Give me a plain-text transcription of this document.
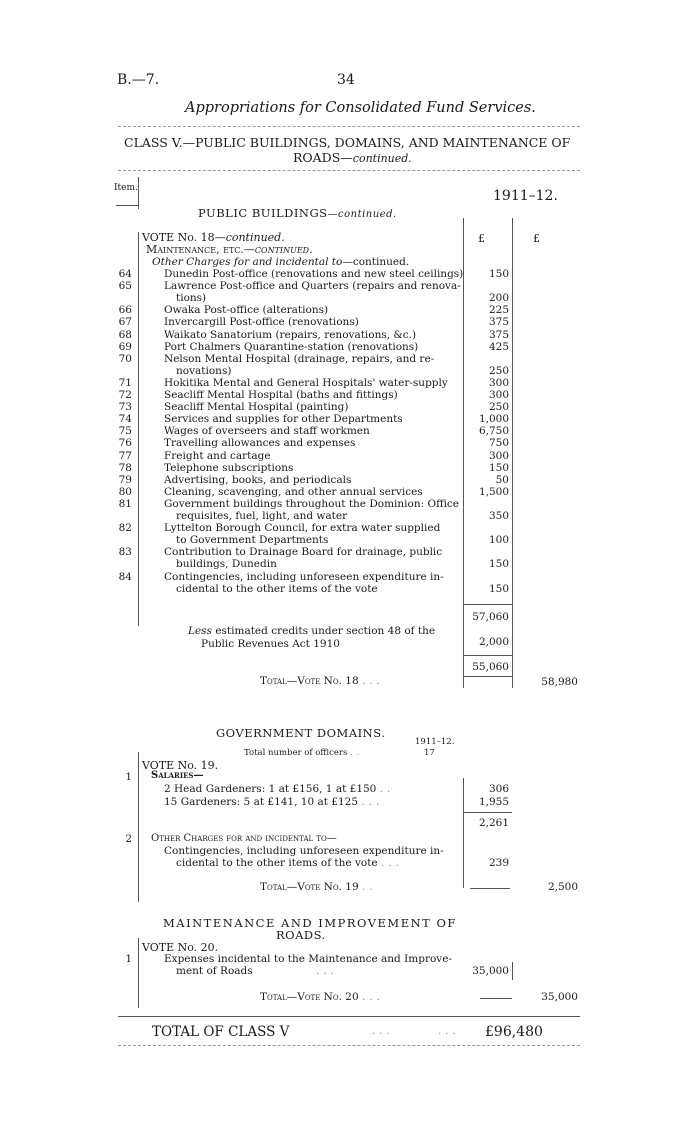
B.—7.	34
Appropriations for Consolidated Fund Services.
CLASS V.—PUBLIC BUILDINGS, DOMAINS, AND MAINTENANCE OF
ROADS—continued.
Item.	1911–12.
PUBLIC BUILDINGS—continued.
£	£
VOTE No. 18—continued.
Maintenance, etc.—continued.
Other Charges for and incidental to—continued.
64	Dunedin Post-office (renovations and new steel ceilings)	150
65	Lawrence Post-office and Quarters (repairs and renova-
tions)	200
66	Owaka Post-office (alterations)	225
67	Invercargill Post-office (renovations)	375
68	Waikato Sanatorium (repairs, renovations, &c.)	375
69	Port Chalmers Quarantine-station (renovations)	425
70	Nelson Mental Hospital (drainage, repairs, and re-
novations)	250
71	Hokitika Mental and General Hospitals' water-supply	300
72	Seacliff Mental Hospital (baths and fittings)	300
73	Seacliff Mental Hospital (painting)	250
74	Services and supplies for other Departments	1,000
75	Wages of overseers and staff workmen	6,750
76	Travelling allowances and expenses	750
77	Freight and cartage	300
78	Telephone subscriptions	150
79	Advertising, books, and periodicals	50
80	Cleaning, scavenging, and other annual services	1,500
81	Government buildings throughout the Dominion: Office
requisites, fuel, light, and water	350
82	Lyttelton Borough Council, for extra water supplied
to Government Departments	100
83	Contribution to Drainage Board for drainage, public
buildings, Dunedin	150
84	Contingencies, including unforeseen expenditure in-
cidental to the other items of the vote	150
57,060
Less estimated credits under section 48 of the
Public Revenues Act 1910	2,000
55,060
Total—Vote No. 18 ...	58,980
GOVERNMENT DOMAINS.
1911–12.
Total number of officers ..	17
VOTE No. 19.
1 Salaries—
2 Head Gardeners: 1 at £156, 1 at £150 ..	306
15 Gardeners: 5 at £141, 10 at £125 ...	1,955
2,261
2 Other Charges for and incidental to—
Contingencies, including unforeseen expenditure in-
cidental to the other items of the vote ...	239
Total—Vote No. 19 ..	2,500
MAINTENANCE AND IMPROVEMENT OF
ROADS.
VOTE No. 20.
1	Expenses incidental to the Maintenance and Improve-
ment of Roads	...	35,000
Total—Vote No. 20 ...	35,000
TOTAL OF CLASS V	...	... £96,480
